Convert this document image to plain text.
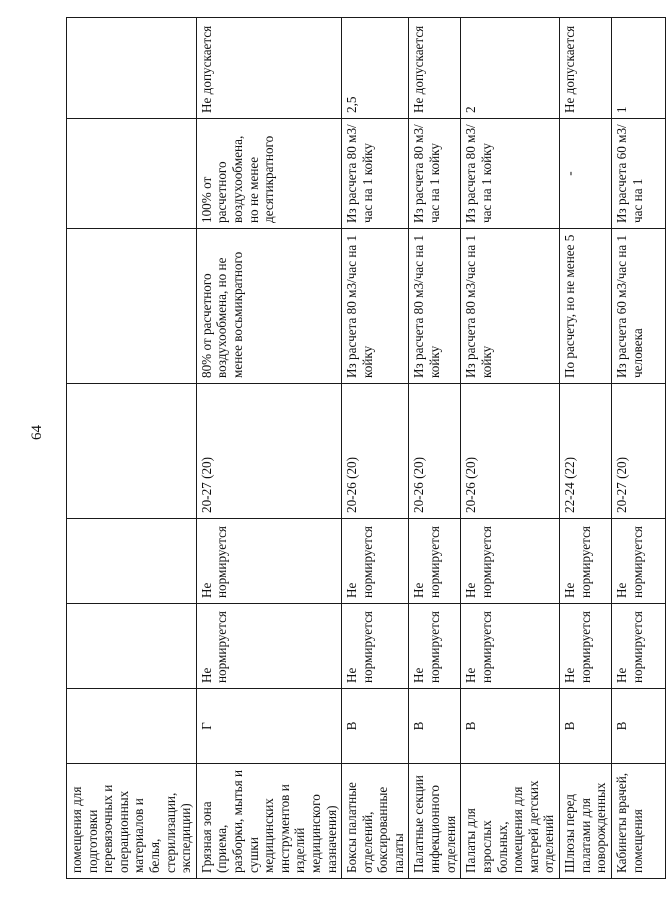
64
помещения для подготовки перевязочных и операционных материалов и белья, стерилизации, экспедиции)							

Грязная зона (приема, разборки, мытья и сушки медицинских инструментов и изделий медицинского назначения)	Г	Не нормируется	Не нормируется	20-27 (20)	80% от расчетного воздухообмена, но не менее восьмикратного	100% от расчетного воздухообмена, но не менее десятикратного	Не допускается

Боксы палатные отделений, боксированные палаты	В	Не нормируется	Не нормируется	20-26 (20)	Из расчета 80 м3/час на 1 койку	Из расчета 80 м3/час на 1 койку	2,5

Палатные секции инфекционного отделения	В	Не нормируется	Не нормируется	20-26 (20)	Из расчета 80 м3/час на 1 койку	Из расчета 80 м3/час на 1 койку	Не допускается

Палаты для взрослых больных, помещения для матерей детских отделений	В	Не нормируется	Не нормируется	20-26 (20)	Из расчета 80 м3/час на 1 койку	Из расчета 80 м3/час на 1 койку	2

Шлюзы перед палатами для новорожденных	В	Не нормируется	Не нормируется	22-24 (22)	По расчету, но не менее 5	-	Не допускается

Кабинеты врачей, помещения	В	Не нормируется	Не нормируется	20-27 (20)	Из расчета 60 м3/час на 1 человека	Из расчета 60 м3/час на 1	1
